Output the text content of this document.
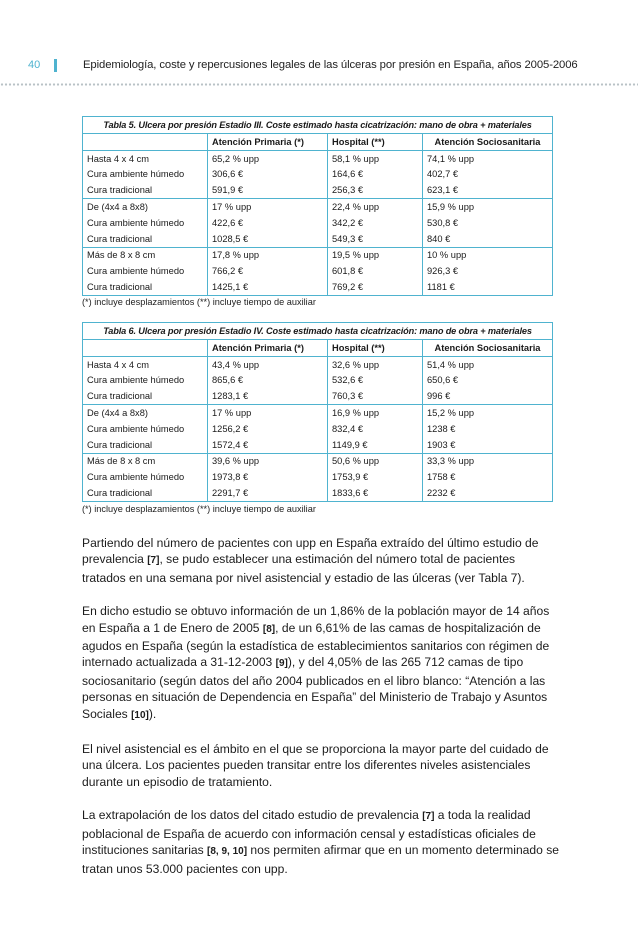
40	Epidemiología, coste y repercusiones legales de las úlceras por presión en España, años 2005-2006
Tabla 5. Ulcera por presión Estadio III. Coste estimado hasta cicatrización: mano de obra + materiales			
	Atención Primaria (*)	Hospital (**)	Atención Sociosanitaria
Hasta 4 x 4 cm	65,2 % upp	58,1 % upp	74,1 % upp
Cura ambiente húmedo	306,6 €	164,6 €	402,7 €
Cura tradicional	591,9 €	256,3 €	623,1 €
De (4x4 a 8x8)	17 % upp	22,4 % upp	15,9 % upp
Cura ambiente húmedo	422,6 €	342,2 €	530,8 €
Cura tradicional	1028,5 €	549,3 €	840 €
Más de 8 x 8 cm	17,8 % upp	19,5 % upp	10 % upp
Cura ambiente húmedo	766,2 €	601,8 €	926,3 €
Cura tradicional	1425,1 €	769,2 €	1181 €
(*) incluye desplazamientos (**) incluye tiempo de auxiliar
Tabla 6. Ulcera por presión Estadio IV. Coste estimado hasta cicatrización: mano de obra + materiales			
	Atención Primaria (*)	Hospital (**)	Atención Sociosanitaria
Hasta 4 x 4 cm	43,4 % upp	32,6 % upp	51,4 % upp
Cura ambiente húmedo	865,6 €	532,6 €	650,6 €
Cura tradicional	1283,1 €	760,3 €	996 €
De (4x4 a 8x8)	17 % upp	16,9 % upp	15,2 % upp
Cura ambiente húmedo	1256,2 €	832,4 €	1238 €
Cura tradicional	1572,4 €	1149,9 €	1903 €
Más de 8 x 8 cm	39,6 % upp	50,6 % upp	33,3 % upp
Cura ambiente húmedo	1973,8 €	1753,9 €	1758 €
Cura tradicional	2291,7 €	1833,6 €	2232 €
(*) incluye desplazamientos (**) incluye tiempo de auxiliar

Partiendo del número de pacientes con upp en España extraído del último estudio de prevalencia [7], se pudo establecer una estimación del número total de pacientes tratados en una semana por nivel asistencial y estadio de las úlceras (ver Tabla 7).

En dicho estudio se obtuvo información de un 1,86% de la población mayor de 14 años en España a 1 de Enero de 2005 [8], de un 6,61% de las camas de hospitalización de agudos en España (según la estadística de establecimientos sanitarios con régimen de internado actualizada a 31-12-2003 [9]), y del 4,05% de las 265 712 camas de tipo sociosanitario (según datos del año 2004 publicados en el libro blanco: “Atención a las personas en situación de Dependencia en España” del Ministerio de Trabajo y Asuntos Sociales [10]).

El nivel asistencial es el ámbito en el que se proporciona la mayor parte del cuidado de una úlcera. Los pacientes pueden transitar entre los diferentes niveles asistenciales durante un episodio de tratamiento.

La extrapolación de los datos del citado estudio de prevalencia [7] a toda la realidad poblacional de España de acuerdo con información censal y estadísticas oficiales de instituciones sanitarias [8, 9, 10] nos permiten afirmar que en un momento determinado se tratan unos 53.000 pacientes con upp.
